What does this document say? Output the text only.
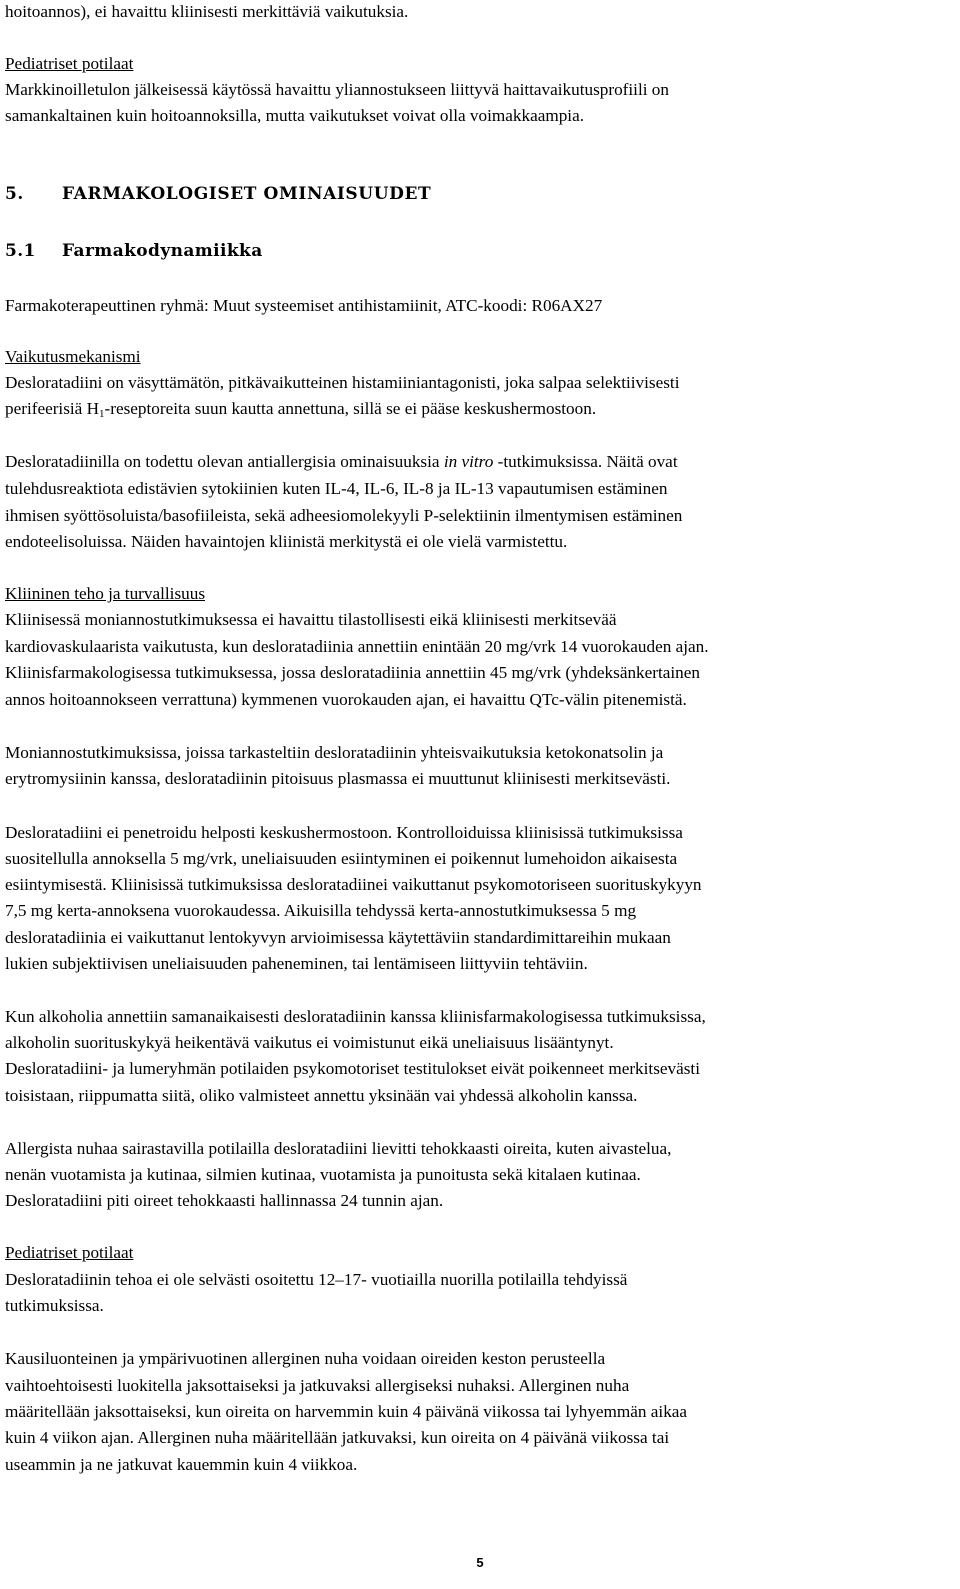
hoitoannos), ei havaittu kliinisesti merkittäviä vaikutuksia.
Pediatriset potilaat
Markkinoilletulon jälkeisessä käytössä havaittu yliannostukseen liittyvä haittavaikutusprofiili on
samankaltainen kuin hoitoannoksilla, mutta vaikutukset voivat olla voimakkaampia.
5. FARMAKOLOGISET OMINAISUUDET
5.1 Farmakodynamiikka
Farmakoterapeuttinen ryhmä: Muut systeemiset antihistamiinit, ATC-koodi: R06AX27
Vaikutusmekanismi
Desloratadiini on väsyttämätön, pitkävaikutteinen histamiiniantagonisti, joka salpaa selektiivisesti
perifeerisiä $H_1$-reseptoreita suun kautta annettuna, sillä se ei pääse keskushermostoon.
Desloratadiinilla on todettu olevan antiallergisia ominaisuuksia in vitro -tutkimuksissa. Näitä ovat
tulehdusreaktiota edistävien sytokiinien kuten IL-4, IL-6, IL-8 ja IL-13 vapautumisen estäminen
ihmisen syöttösoluista/basofiileista, sekä adheesiomolekyyli P-selektiinin ilmentymisen estäminen
endoteelisoluissa. Näiden havaintojen kliinistä merkitystä ei ole vielä varmistettu.
Kliininen teho ja turvallisuus
Kliinisessä moniannostutkimuksessa ei havaittu tilastollisesti eikä kliinisesti merkitsevää
kardiovaskulaarista vaikutusta, kun desloratadiinia annettiin enintään 20 mg/vrk 14 vuorokauden ajan.
Kliinisfarmakologisessa tutkimuksessa, jossa desloratadiinia annettiin 45 mg/vrk (yhdeksänkertainen
annos hoitoannokseen verrattuna) kymmenen vuorokauden ajan, ei havaittu QTc-välin pitenemistä.
Moniannostutkimuksissa, joissa tarkasteltiin desloratadiinin yhteisvaikutuksia ketokonatsolin ja
erytromysiinin kanssa, desloratadiinin pitoisuus plasmassa ei muuttunut kliinisesti merkitsevästi.
Desloratadiini ei penetroidu helposti keskushermostoon. Kontrolloiduissa kliinisissä tutkimuksissa
suositellulla annoksella 5 mg/vrk, uneliaisuuden esiintyminen ei poikennut lumehoidon aikaisesta
esiintymisestä. Kliinisissä tutkimuksissa desloratadiinei vaikuttanut psykomotoriseen suorituskykyyn
7,5 mg kerta-annoksena vuorokaudessa. Aikuisilla tehdyssä kerta-annostutkimuksessa 5 mg
desloratadiinia ei vaikuttanut lentokyvyn arvioimisessa käytettäviin standardimittareihin mukaan
lukien subjektiivisen uneliaisuuden paheneminen, tai lentämiseen liittyviin tehtäviin.
Kun alkoholia annettiin samanaikaisesti desloratadiinin kanssa kliinisfarmakologisessa tutkimuksissa,
alkoholin suorituskykyä heikentävä vaikutus ei voimistunut eikä uneliaisuus lisääntynyt.
Desloratadiini- ja lumeryhmän potilaiden psykomotoriset testitulokset eivät poikenneet merkitsevästi
toisistaan, riippumatta siitä, oliko valmisteet annettu yksinään vai yhdessä alkoholin kanssa.
Allergista nuhaa sairastavilla potilailla desloratadiini lievitti tehokkaasti oireita, kuten aivastelua,
nenän vuotamista ja kutinaa, silmien kutinaa, vuotamista ja punoitusta sekä kitalaen kutinaa.
Desloratadiini piti oireet tehokkaasti hallinnassa 24 tunnin ajan.
Pediatriset potilaat
Desloratadiinin tehoa ei ole selvästi osoitettu 12–17- vuotiailla nuorilla potilailla tehdyissä
tutkimuksissa.
Kausiluonteinen ja ympärivuotinen allerginen nuha voidaan oireiden keston perusteella
vaihtoehtoisesti luokitella jaksottaiseksi ja jatkuvaksi allergiseksi nuhaksi. Allerginen nuha
määritellään jaksottaiseksi, kun oireita on harvemmin kuin 4 päivänä viikossa tai lyhyemmän aikaa
kuin 4 viikon ajan. Allerginen nuha määritellään jatkuvaksi, kun oireita on 4 päivänä viikossa tai
useammin ja ne jatkuvat kauemmin kuin 4 viikkoa.
5
